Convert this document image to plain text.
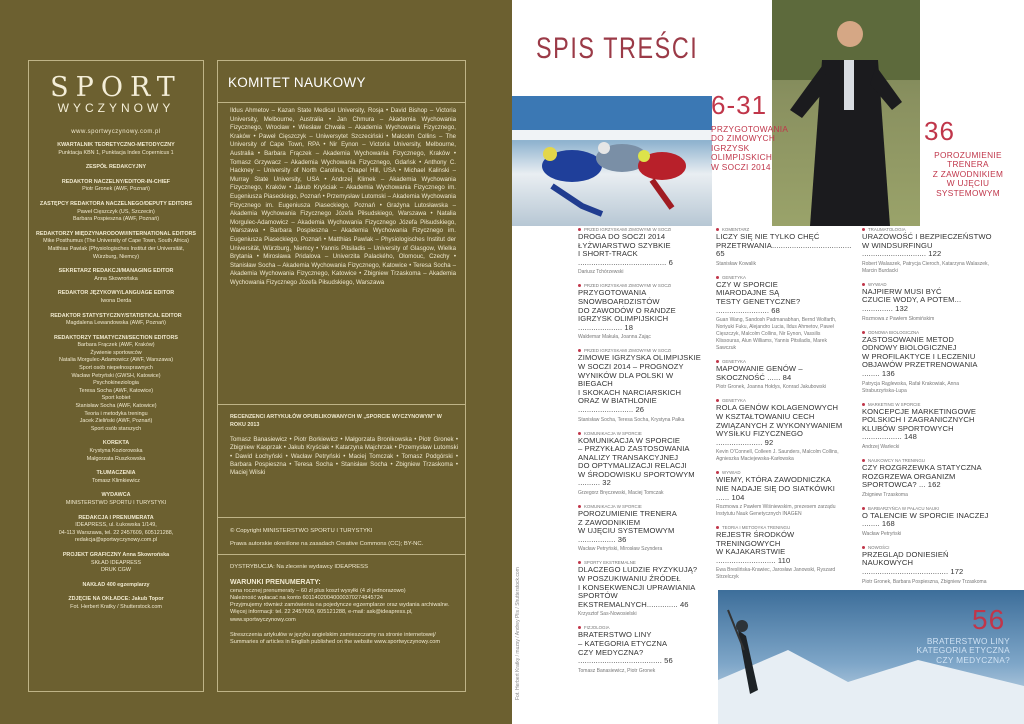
SPORT
WYCZYNOWY
www.sportwyczynowy.com.pl
KWARTALNIK TEORETYCZNO-METODYCZNY
Punktacja KBN 1, Punktacja Index Copernicus 1
ZESPÓŁ REDAKCYJNY
REDAKTOR NACZELNY/EDITOR-IN-CHIEF
Piotr Gronek (AWF, Poznań)
ZASTĘPCY REDAKTORA NACZELNEGO/DEPUTY EDITORS
Paweł Cięszczyk (US, Szczecin)
Barbara Pospieszna (AWF, Poznań)
REDAKTORZY MIĘDZYNARODOWI/INTERNATIONAL EDITORS
Mike Posthumus (The University of Cape Town, South Africa)
Matthias Pawlak (Physiologisches Institut der Universität, Würzburg, Niemcy)
SEKRETARZ REDAKCJI/MANAGING EDITOR
Anna Skowrońska
REDAKTOR JĘZYKOWY/LANGUAGE EDITOR
Iwona Derda
REDAKTOR STATYSTYCZNY/STATISTICAL EDITOR
Magdalena Lewandowska (AWF, Poznań)
REDAKTORZY TEMATYCZNI/SECTION EDITORS
Barbara Frączek (AWF, Kraków)
Żywienie sportowców
Natalia Morgulec-Adamowicz (AWF, Warszawa)
Sport osób niepełnosprawnych
Wacław Petryński (GWSH, Katowice)
Psychokineziologia
Teresa Socha (AWF, Katowice)
Sport kobiet
Stanisław Socha (AWF, Katowice)
Teoria i metodyka treningu
Jacek Zieliński (AWF, Poznań)
Sport osób starszych
KOREKTA
Krystyna Koziorowska
Małgorzata Ruszkowska
TŁUMACZENIA
Tomasz Klimkiewicz
WYDAWCA
MINISTERSTWO SPORTU I TURYSTYKI
REDAKCJA I PRENUMERATA
IDEAPRESS, ul. Łukowska 1/149,
04-113 Warszawa, tel. 22 2457609, 605121288,
redakcja@sportwyczynowy.com.pl
PROJEKT GRAFICZNY Anna Skowrońska
SKŁAD IDEAPRESS
DRUK CGW
NAKŁAD 400 egzemplarzy
ZDJĘCIE NA OKŁADCE: Jakub Topor
Fot. Herbert Kratky / Shutterstock.com
KOMITET NAUKOWY
Ildus Ahmetov – Kazan State Medical University, Rosja • David Bishop – Victoria University, Melbourne, Australia • Jan Chmura – Akademia Wychowania Fizycznego, Wrocław • Wiesław Chwała – Akademia Wychowania Fizycznego, Kraków • Paweł Cięszczyk – Uniwersytet Szczeciński • Malcolm Collins – The University of Cape Town, RPA • Nir Eynon – Victoria University, Melbourne, Australia • Barbara Frączek – Akademia Wychowania Fizycznego, Kraków • Tomasz Grzywacz – Akademia Wychowania Fizycznego, Gdańsk • Anthony C. Hackney – University of North Carolina, Chapel Hill, USA • Michael Kalinski – Murray State University, USA • Andrzej Klimek – Akademia Wychowania Fizycznego, Kraków • Jakub Kryściak – Akademia Wychowania Fizycznego im. Eugeniusza Piaseckiego, Poznań • Przemysław Lutomski – Akademia Wychowania Fizycznego im. Eugeniusza Piaseckiego, Poznań • Grażyna Lutosławska – Akademia Wychowania Fizycznego Józefa Piłsudskiego, Warszawa • Natalia Morgulec-Adamowicz – Akademia Wychowania Fizycznego Józefa Piłsudskiego, Warszawa • Barbara Pospieszna – Akademia Wychowania Fizycznego im. Eugeniusza Piaseckiego, Poznań • Matthias Pawlak – Physiologisches Institut der Universität, Würzburg, Niemcy • Yannis Pitsiladis – University of Glasgow, Wielka Brytania • Mirosława Pridalova – Univerzita Palackého, Olomouc, Czechy • Stanisław Socha – Akademia Wychowania Fizycznego, Katowice • Teresa Socha – Akademia Wychowania Fizycznego, Katowice • Zbigniew Trzaskoma – Akademia Wychowania Fizycznego Józefa Piłsudskiego, Warszawa
RECENZENCI ARTYKUŁÓW OPUBLIKOWANYCH W „SPORCIE WYCZYNOWYM” W ROKU 2013
Tomasz Banasiewicz • Piotr Borkiewicz • Małgorzata Bronikowska • Piotr Gronek • Zbigniew Kasprzak • Jakub Kryściak • Katarzyna Majchrzak • Przemysław Lutomski • Dawid Łochyński • Wacław Petryński • Maciej Tomczak • Tomasz Podgórski • Barbara Pospieszna • Teresa Socha • Stanisław Socha • Zbigniew Trzaskoma • Maciej Wilski
© Copyright MINISTERSTWO SPORTU I TURYSTYKI
Prawa autorskie określone na zasadach Creative Commons (CC); BY-NC.
DYSTRYBUCJA: Na zlecenie wydawcy IDEAPRESS
WARUNKI PRENUMERATY:
cena rocznej prenumeraty – 60 zł plus koszt wysyłki (4 zł jednorazowo)
Należność wpłacać na konto 60114020040000370274845724
Przyjmujemy również zamówienia na pojedyncze egzemplarze oraz wydania archiwalne. Więcej informacji: tel. 22 2457609, 605121288, e-mail: ask@ideapress.pl, www.sportwyczynowy.com
Streszczenia artykułów w języku angielskim zamieszczamy na stronie internetowej/ Summaries of articles in English published on the website www.sportwyczynowy.com
SPIS TREŚCI
6-31
PRZYGOTOWANIA
DO ZIMOWYCH
IGRZYSK
OLIMPIJSKICH
W SOCZI 2014
36
POROZUMIENIE
TRENERA
Z ZAWODNIKIEM
W UJĘCIU
SYSTEMOWYM
56
BRATERSTWO LINY
KATEGORIA ETYCZNA
CZY MEDYCZNA?
Fot. Herbert Kratky / muzsy / Andrey Plis / Shutterstock.com
PRZED IGRZYSKAMI ZIMOWYMI W SOCZI
DROGA DO SOCZI 2014
ŁYŻWIARSTWO SZYBKIE
I SHORT-TRACK ........................................ 6
Dariusz Tchórzewski
PRZED IGRZYSKAMI ZIMOWYMI W SOCZI
PRZYGOTOWANIA
SNOWBOARDZISTÓW
DO ZAWODÓW O RANDZE
IGRZYSK OLIMPIJSKICH .................... 18
Waldemar Makuła, Joanna Zając
PRZED IGRZYSKAMI ZIMOWYMI W SOCZI
ZIMOWE IGRZYSKA OLIMPIJSKIE
W SOCZI 2014 – PROGNOZY
WYNIKÓW DLA POLSKI W BIEGACH
I SKOKACH NARCIARSKICH
ORAZ W BIATHLONIE ......................... 26
Stanisław Socha, Teresa Socha, Krystyna Pałka
KOMUNIKACJA W SPORCIE
KOMUNIKACJA W SPORCIE
– PRZYKŁAD ZASTOSOWANIA
ANALIZY TRANSAKCYJNEJ
DO OPTYMALIZACJI RELACJI
W ŚRODOWISKU SPORTOWYM .......... 32
Grzegorz Bręczewski, Maciej Tomczak
KOMUNIKACJA W SPORCIE
POROZUMIENIE TRENERA
Z ZAWODNIKIEM
W UJĘCIU SYSTEMOWYM ................. 36
Wacław Petryński, Mirosław Szyndera
SPORTY EKSTREMALNE
DLACZEGO LUDZIE RYZYKUJĄ?
W POSZUKIWANIU ŹRÓDEŁ
I KONSEKWENCJI UPRAWIANIA
SPORTÓW EKSTREMALNYCH.............. 46
Krzysztof Sas-Nowosielski
FIZJOLOGIA
BRATERSTWO LINY
– KATEGORIA ETYCZNA
CZY MEDYCZNA? ...................................... 56
Tomasz Banasiewicz, Piotr Gronek
KOMENTARZ
LICZY SIĘ NIE TYLKO CHĘĆ
PRZETRWANIA.................................... 65
Stanisław Kowalik
GENETYKA
CZY W SPORCIE
MIARODAJNE SĄ
TESTY GENETYCZNE? ........................ 68
Guan Wang, Sandosh Padmanabhan, Bernd Wolfarth, Noriyuki Fuku, Alejandro Lucia, Ildus Ahmetov, Paweł Cięszczyk, Malcolm Collins, Nir Eynon, Vassilis Klissouras, Alun Williams, Yannis Pitsiladis, Marek Sawczuk
GENETYKA
MAPOWANIE GENÓW – SKOCZNOŚĆ ...... 84
Piotr Gronek, Joanna Hołdys, Konrad Jakubowski
GENETYKA
ROLA GENÓW KOLAGENOWYCH
W KSZTAŁTOWANIU CECH
ZWIĄZANYCH Z WYKONYWANIEM
WYSIŁKU FIZYCZNEGO ..................... 92
Kevin O'Connell, Colleen J. Saunders, Malcolm Collins, Agnieszka Maciejewska-Karłowska
WYWIAD
WIEMY, KTÓRA ZAWODNICZKA
NIE NADAJE SIĘ DO SIATKÓWKI ...... 104
Rozmowa z Pawłem Wiśniewskim, prezesem zarządu Instytutu Nauk Genetycznych INAGEN
TEORIA I METODYKA TRENINGU
REJESTR ŚRODKÓW
TRENINGOWYCH
W KAJAKARSTWIE ........................... 110
Ewa Breslińska-Krawiec, Jarosław Janowski, Ryszard Strzelczyk
TRAUMATOLOGIA
URAZOWOŚĆ I BEZPIECZEŃSTWO
W WINDSURFINGU ............................. 122
Robert Walaszek, Patrycja Cieroch, Katarzyna Walaszek, Marcin Burdacki
WYWIAD
NAJPIERW MUSI BYĆ
CZUCIE WODY, A POTEM... .............. 132
Rozmowa z Pawłem Słomińskim
ODNOWA BIOLOGICZNA
ZASTOSOWANIE METOD
ODNOWY BIOLOGICZNEJ
W PROFILAKTYCE I LECZENIU
OBJAWÓW PRZETRENOWANIA ........ 136
Patrycja Rąglewska, Rafał Krakowiak, Anna Straburzyńska-Lupa
MARKETING W SPORCIE
KONCEPCJE MARKETINGOWE
POLSKICH I ZAGRANICZNYCH
KLUBÓW SPORTOWYCH .................. 148
Andrzej Warlecki
NAUKOWCY NA TRENINGU
CZY ROZGRZEWKA STATYCZNA
ROZGRZEWA ORGANIZM SPORTOWCA? ... 162
Zbigniew Trzaskoma
BARBARZYŃCA W PAŁACU NAUKI
O TALENCIE W SPORCIE INACZEJ ........ 168
Wacław Petryński
NOWOŚCI
PRZEGLĄD DONIESIEŃ
NAUKOWYCH ....................................... 172
Piotr Gronek, Barbara Pospieszna, Zbigniew Trzaskoma
